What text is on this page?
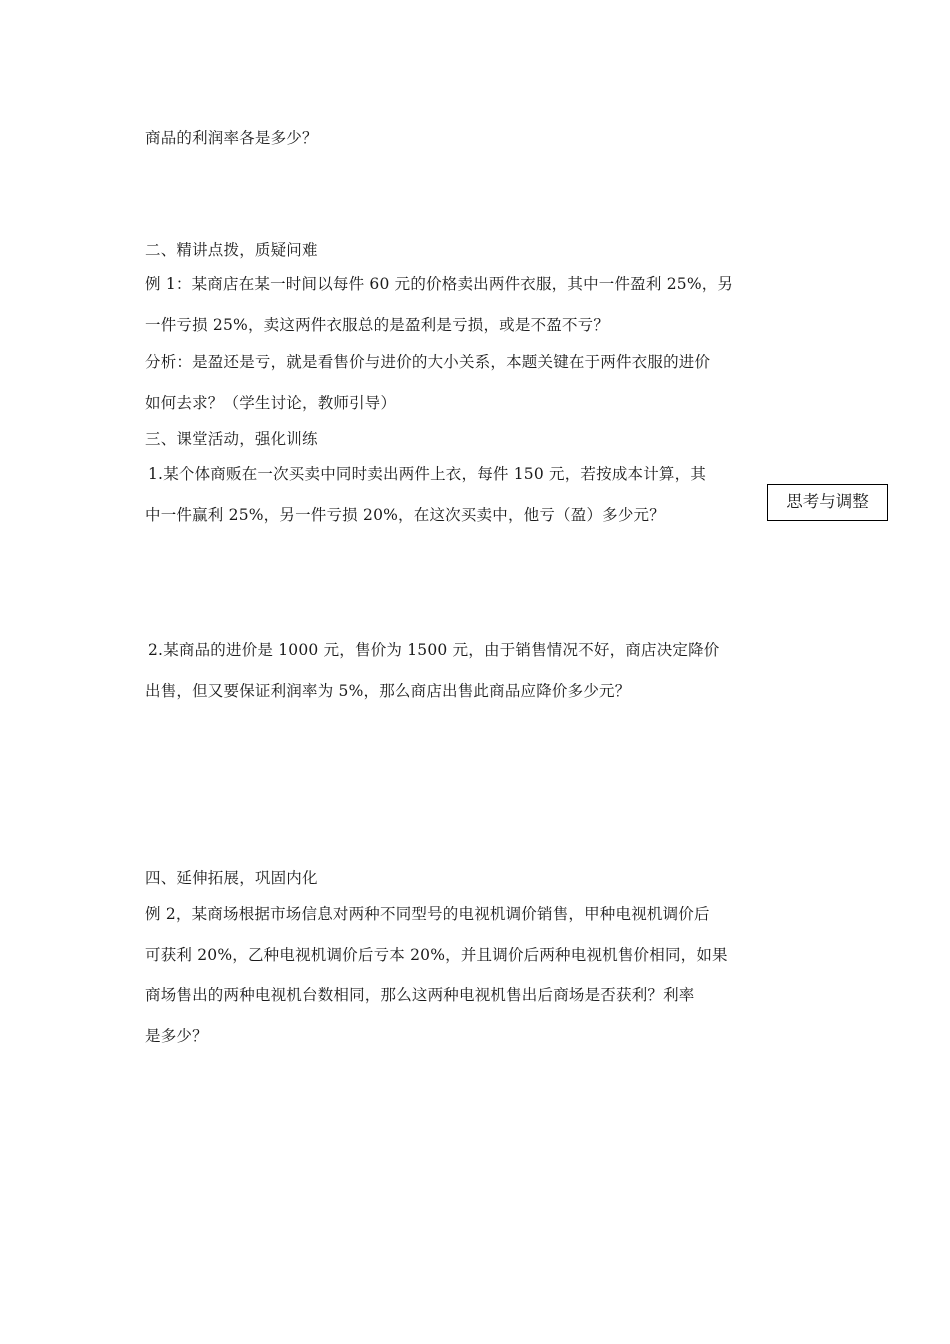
商品的利润率各是多少？
二、精讲点拨，质疑问难
例 1：某商店在某一时间以每件 60 元的价格卖出两件衣服，其中一件盈利 25%，另
一件亏损 25%，卖这两件衣服总的是盈利是亏损，或是不盈不亏？
分析：是盈还是亏，就是看售价与进价的大小关系，本题关键在于两件衣服的进价
如何去求？（学生讨论，教师引导）
三、课堂活动，强化训练
1.某个体商贩在一次买卖中同时卖出两件上衣，每件 150 元，若按成本计算，其
中一件赢利 25%，另一件亏损 20%，在这次买卖中，他亏（盈）多少元？
2.某商品的进价是 1000 元，售价为 1500 元，由于销售情况不好，商店决定降价
出售，但又要保证利润率为 5%，那么商店出售此商品应降价多少元？
四、延伸拓展，巩固内化
例 2，某商场根据市场信息对两种不同型号的电视机调价销售，甲种电视机调价后
可获利 20%，乙种电视机调价后亏本 20%，并且调价后两种电视机售价相同，如果
商场售出的两种电视机台数相同，那么这两种电视机售出后商场是否获利？利率
是多少？
思考与调整
